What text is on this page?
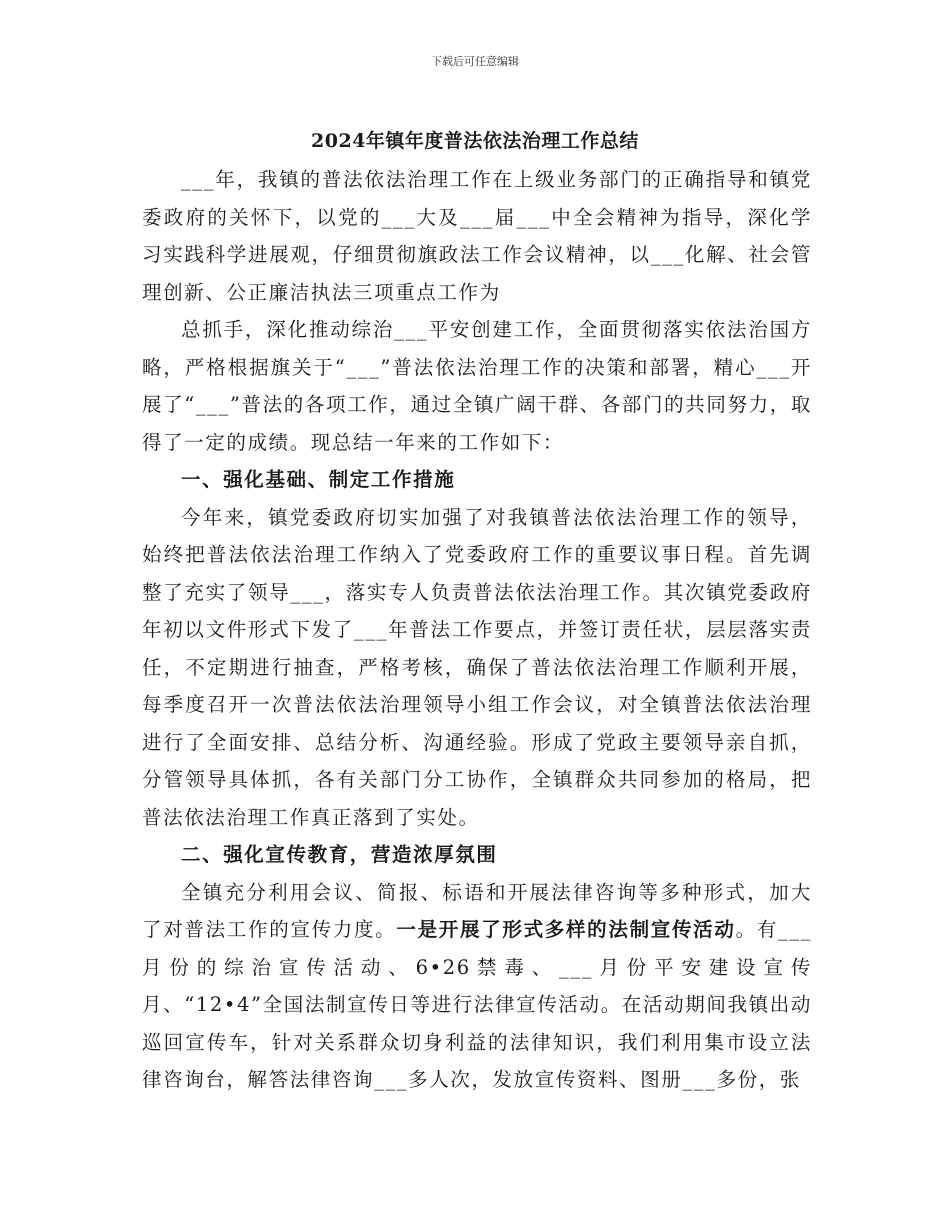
下载后可任意编辑
2024年镇年度普法依法治理工作总结

___年，我镇的普法依法治理工作在上级业务部门的正确指导和镇党委政府的关怀下，以党的___大及___届___中全会精神为指导，深化学习实践科学进展观，仔细贯彻旗政法工作会议精神，以___化解、社会管理创新、公正廉洁执法三项重点工作为

总抓手，深化推动综治___平安创建工作，全面贯彻落实依法治国方略，严格根据旗关于“___”普法依法治理工作的决策和部署，精心___开展了“___”普法的各项工作，通过全镇广阔干群、各部门的共同努力，取得了一定的成绩。现总结一年来的工作如下：

一、强化基础、制定工作措施

今年来，镇党委政府切实加强了对我镇普法依法治理工作的领导，始终把普法依法治理工作纳入了党委政府工作的重要议事日程。首先调整了充实了领导___，落实专人负责普法依法治理工作。其次镇党委政府年初以文件形式下发了___年普法工作要点，并签订责任状，层层落实责任，不定期进行抽查，严格考核，确保了普法依法治理工作顺利开展，每季度召开一次普法依法治理领导小组工作会议，对全镇普法依法治理进行了全面安排、总结分析、沟通经验。形成了党政主要领导亲自抓，分管领导具体抓，各有关部门分工协作，全镇群众共同参加的格局，把普法依法治理工作真正落到了实处。

二、强化宣传教育，营造浓厚氛围

全镇充分利用会议、简报、标语和开展法律咨询等多种形式，加大了对普法工作的宣传力度。一是开展了形式多样的法制宣传活动。有___月份的综治宣传活动、6•26禁毒、___月份平安建设宣传月、“12•4”全国法制宣传日等进行法律宣传活动。在活动期间我镇出动巡回宣传车，针对关系群众切身利益的法律知识，我们利用集市设立法律咨询台，解答法律咨询___多人次，发放宣传资料、图册___多份，张
